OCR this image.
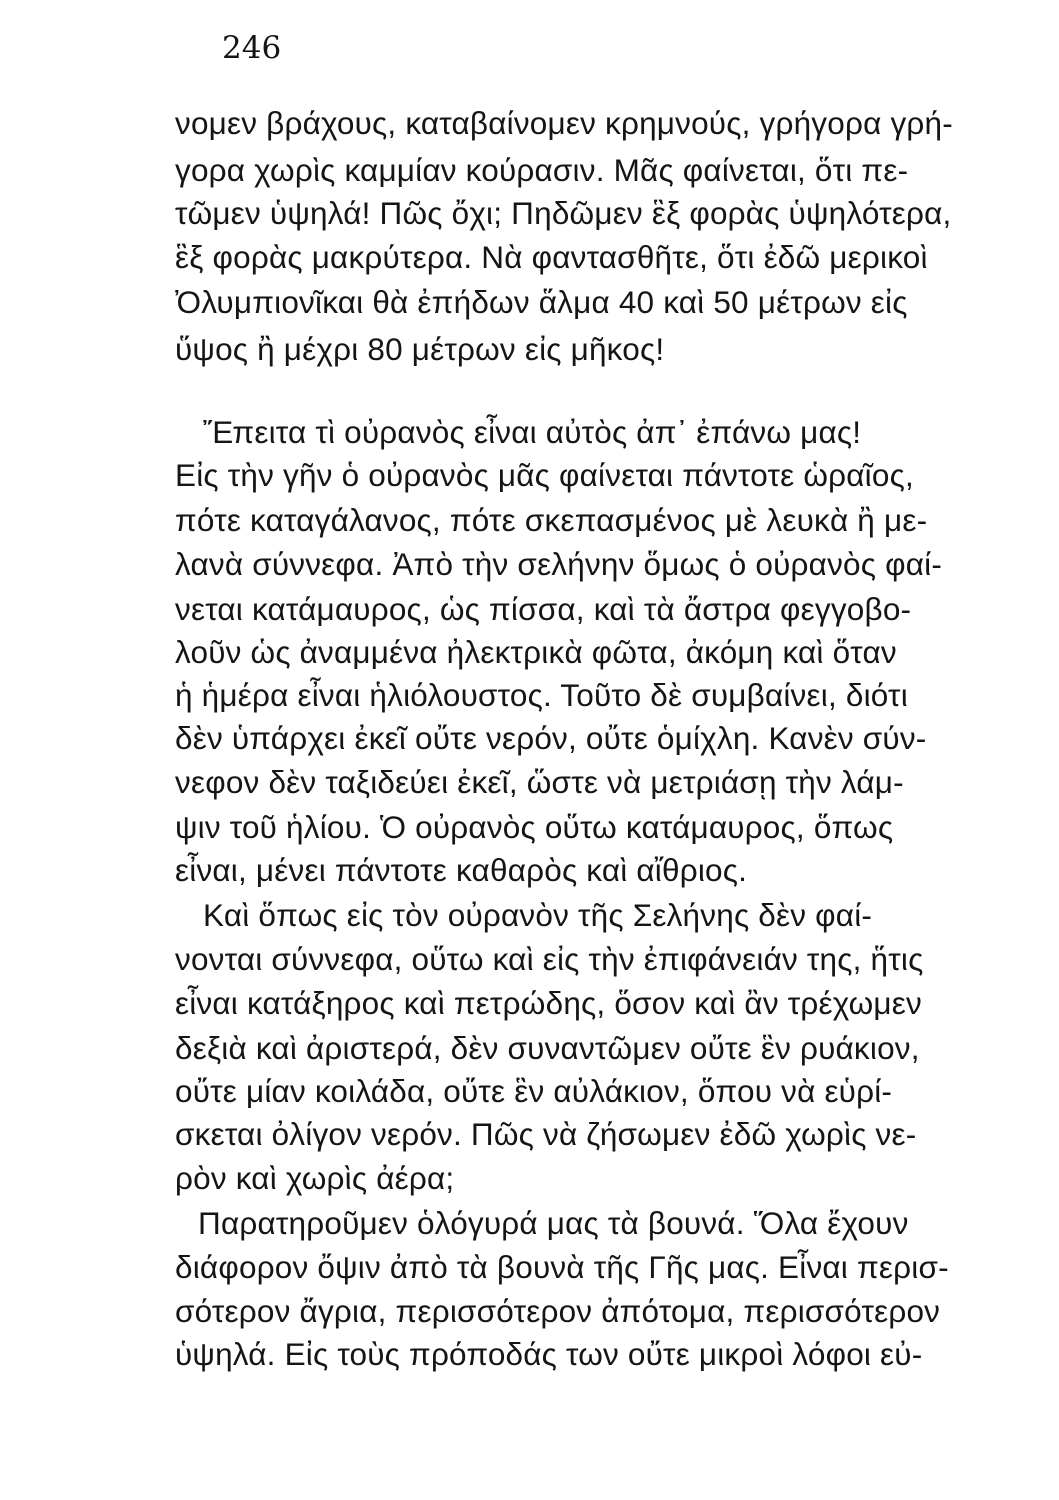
246
νομεν βράχους, καταβαίνομεν κρημνούς, γρήγορα γρή-
γορα χωρὶς καμμίαν κούρασιν. Μᾶς φαίνεται, ὅτι πε-
τῶμεν ὑψηλά! Πῶς ὄχι; Πηδῶμεν ἓξ φορὰς ὑψηλότερα,
ἓξ φορὰς μακρύτερα. Νὰ φαντασθῆτε, ὅτι ἐδῶ μερικοὶ
Ὀλυμπιονῖκαι θὰ ἐπήδων ἅλμα 40 καὶ 50 μέτρων εἰς
ὕψος ἢ μέχρι 80 μέτρων εἰς μῆκος!
Ἔπειτα τὶ οὐρανὸς εἶναι αὐτὸς ἀπ᾽ ἐπάνω μας!
Εἰς τὴν γῆν ὁ οὐρανὸς μᾶς φαίνεται πάντοτε ὡραῖος,
πότε καταγάλανος, πότε σκεπασμένος μὲ λευκὰ ἢ με-
λανὰ σύννεφα. Ἀπὸ τὴν σελήνην ὅμως ὁ οὐρανὸς φαί-
νεται κατάμαυρος, ὡς πίσσα, καὶ τὰ ἄστρα φεγγοβο-
λοῦν ὡς ἀναμμένα ἠλεκτρικὰ φῶτα, ἀκόμη καὶ ὅταν
ἡ ἡμέρα εἶναι ἡλιόλουστος. Τοῦτο δὲ συμβαίνει, διότι
δὲν ὑπάρχει ἐκεῖ οὔτε νερόν, οὔτε ὁμίχλη. Κανὲν σύν-
νεφον δὲν ταξιδεύει ἐκεῖ, ὥστε νὰ μετριάσῃ τὴν λάμ-
ψιν τοῦ ἡλίου. Ὁ οὐρανὸς οὕτω κατάμαυρος, ὅπως
εἶναι, μένει πάντοτε καθαρὸς καὶ αἴθριος.
Καὶ ὅπως εἰς τὸν οὐρανὸν τῆς Σελήνης δὲν φαί-
νονται σύννεφα, οὕτω καὶ εἰς τὴν ἐπιφάνειάν της, ἥτις
εἶναι κατάξηρος καὶ πετρώδης, ὅσον καὶ ἂν τρέχωμεν
δεξιὰ καὶ ἀριστερά, δὲν συναντῶμεν οὔτε ἓν ρυάκιον,
οὔτε μίαν κοιλάδα, οὔτε ἓν αὐλάκιον, ὅπου νὰ εὑρί-
σκεται ὀλίγον νερόν. Πῶς νὰ ζήσωμεν ἐδῶ χωρὶς νε-
ρὸν καὶ χωρὶς ἀέρα;
Παρατηροῦμεν ὁλόγυρά μας τὰ βουνά. Ὅλα ἔχουν
διάφορον ὄψιν ἀπὸ τὰ βουνὰ τῆς Γῆς μας. Εἶναι περισ-
σότερον ἄγρια, περισσότερον ἀπότομα, περισσότερον
ὑψηλά. Εἰς τοὺς πρόποδάς των οὔτε μικροὶ λόφοι εὐ-
